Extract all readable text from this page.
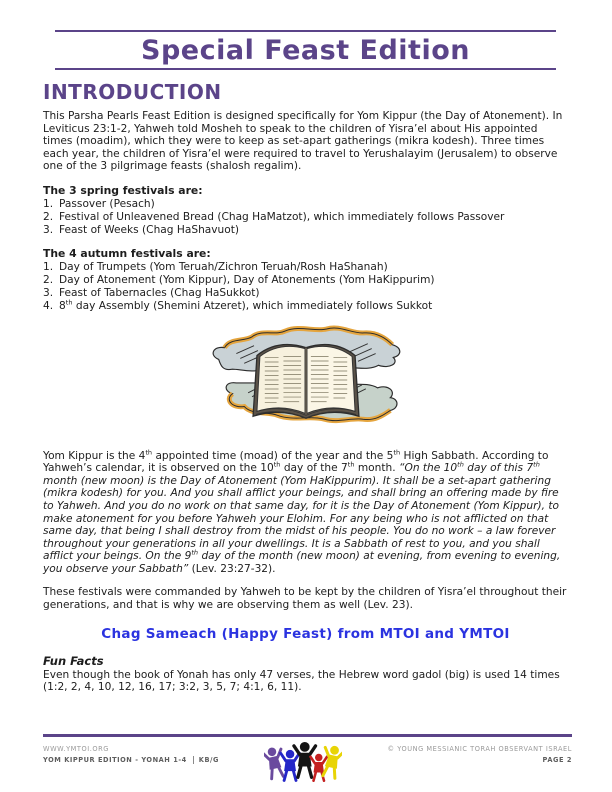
Special Feast Edition
INTRODUCTION

This Parsha Pearls Feast Edition is designed specifically for Yom Kippur (the Day of Atonement). In Leviticus 23:1-2, Yahweh told Mosheh to speak to the children of Yisra’el about His appointed times (moadim), which they were to keep as set-apart gatherings (mikra kodesh). Three times each year, the children of Yisra’el were required to travel to Yerushalayim (Jerusalem) to observe one of the 3 pilgrimage feasts (shalosh regalim).

The 3 spring festivals are:
1. Passover (Pesach)
2. Festival of Unleavened Bread (Chag HaMatzot), which immediately follows Passover
3. Feast of Weeks (Chag HaShavuot)
The 4 autumn festivals are:
1. Day of Trumpets (Yom Teruah/Zichron Teruah/Rosh HaShanah)
2. Day of Atonement (Yom Kippur), Day of Atonements (Yom HaKippurim)
3. Feast of Tabernacles (Chag HaSukkot)
4. 8th day Assembly (Shemini Atzeret), which immediately follows Sukkot

Yom Kippur is the 4th appointed time (moad) of the year and the 5th High Sabbath. According to Yahweh’s calendar, it is observed on the 10th day of the 7th month. “On the 10th day of this 7th month (new moon) is the Day of Atonement (Yom HaKippurim). It shall be a set-apart gathering (mikra kodesh) for you. And you shall afflict your beings, and shall bring an offering made by fire to Yahweh. And you do no work on that same day, for it is the Day of Atonement (Yom Kippur), to make atonement for you before Yahweh your Elohim. For any being who is not afflicted on that same day, that being I shall destroy from the midst of his people. You do no work – a law forever throughout your generations in all your dwellings. It is a Sabbath of rest to you, and you shall afflict your beings. On the 9th day of the month (new moon) at evening, from evening to evening, you observe your Sabbath” (Lev. 23:27-32).

These festivals were commanded by Yahweh to be kept by the children of Yisra’el throughout their generations, and that is why we are observing them as well (Lev. 23).

Chag Sameach (Happy Feast) from MTOI and YMTOI
Fun Facts

Even though the book of Yonah has only 47 verses, the Hebrew word gadol (big) is used 14 times (1:2, 2, 4, 10, 12, 16, 17; 3:2, 3, 5, 7; 4:1, 6, 11).

WWW.YMTOI.ORG
YOM KIPPUR EDITION - YONAH 1-4 KB/G
© YOUNG MESSIANIC TORAH OBSERVANT ISRAEL
PAGE 2
